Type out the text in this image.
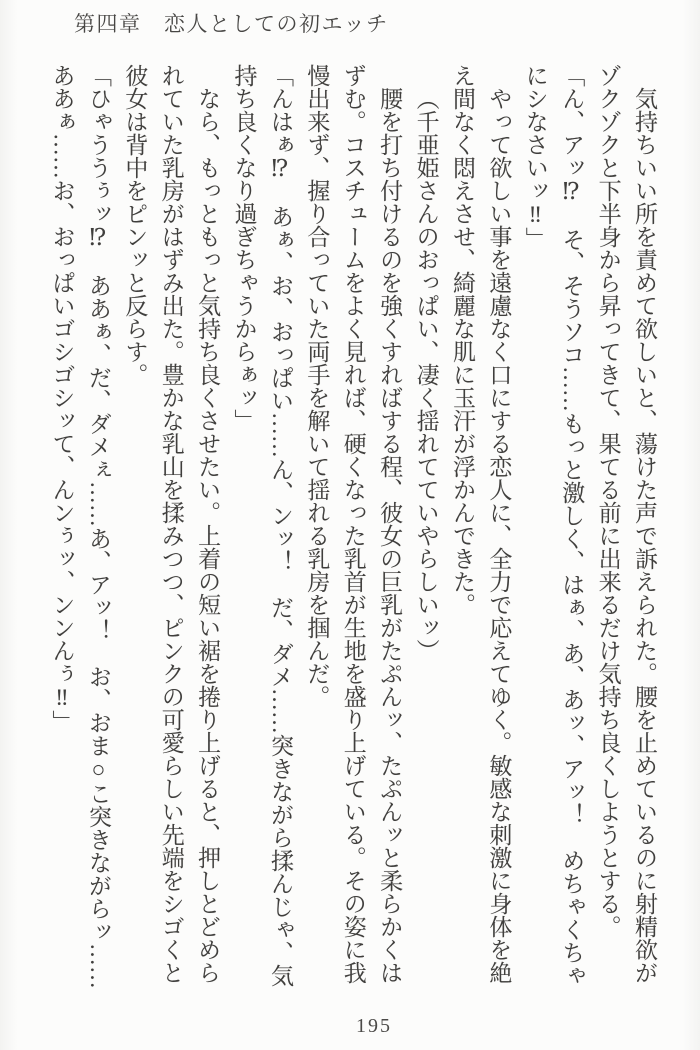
第四章　恋人としての初エッチ

気持ちいい所を責めて欲しいと、蕩けた声で訴えられた。腰を止めているのに射精欲がゾクゾクと下半身から昇ってきて、果てる前に出来るだけ気持ち良くしようとする。

「ん、アッ⁉　そ、そうソコ……もっと激しく、はぁ、あ、あッ、アッ！　めちゃくちゃにシなさいッ‼」

やって欲しい事を遠慮なく口にする恋人に、全力で応えてゆく。敏感な刺激に身体を絶え間なく悶えさせ、綺麗な肌に玉汗が浮かんできた。

（千亜姫さんのおっぱい、凄く揺れてていやらしいッ）

腰を打ち付けるのを強くすればする程、彼女の巨乳がたぷんッ、たぷんッと柔らかくはずむ。コスチュームをよく見れば、硬くなった乳首が生地を盛り上げている。その姿に我慢出来ず、握り合っていた両手を解いて揺れる乳房を掴んだ。

「んはぁ⁉　あぁ、お、おっぱい……ん、ンッ！　だ、ダメ……突きながら揉んじゃ、気持ち良くなり過ぎちゃうからぁッ」

なら、もっともっと気持ち良くさせたい。上着の短い裾を捲り上げると、押しとどめられていた乳房がはずみ出た。豊かな乳山を揉みつつ、ピンクの可愛らしい先端をシゴくと彼女は背中をピンッと反らす。

「ひゃううぅッ⁉　ああぁ、だ、ダメぇ……あ、アッ！　お、おま○こ突きながらッ……ああぁ……お、おっぱいゴシゴシッて、んンぅッ、ンンんぅ‼」

195
